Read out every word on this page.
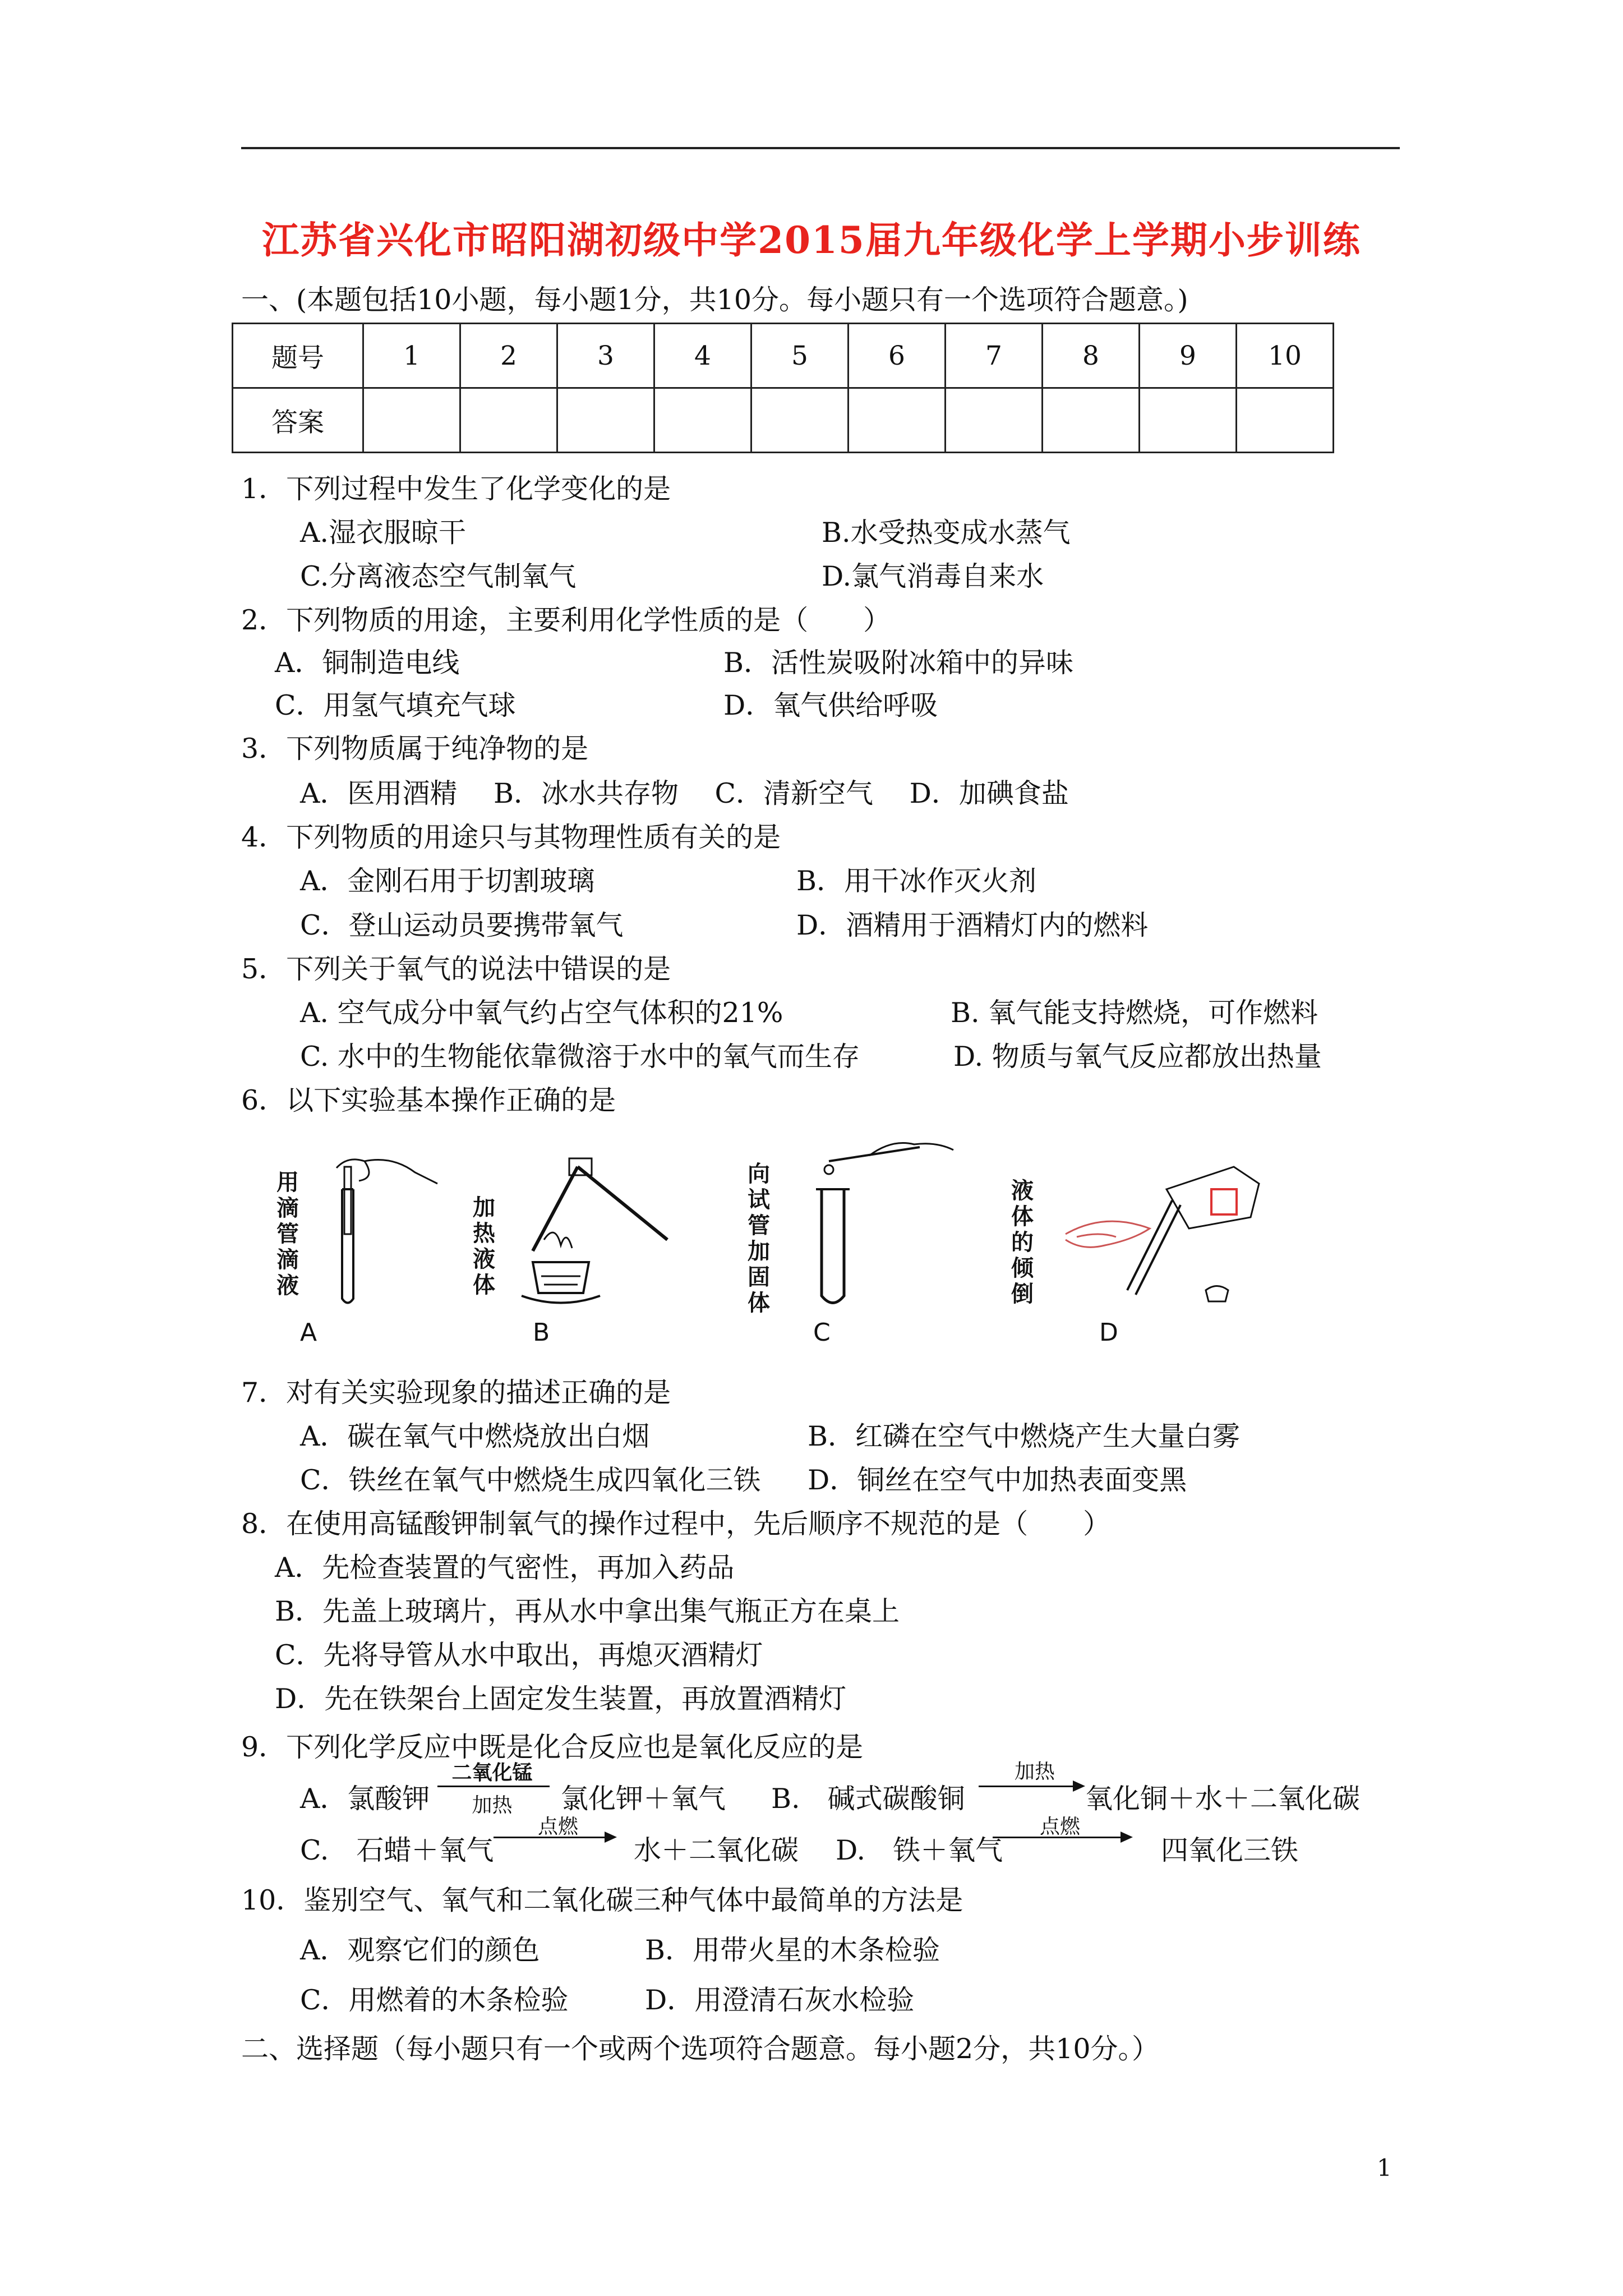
江苏省兴化市昭阳湖初级中学2015届九年级化学上学期小步训练
一、(本题包括10小题，每小题1分，共10分。每小题只有一个选项符合题意。)
题号	1	2	3	4	5	6	7	8	9	10
答案										
1．下列过程中发生了化学变化的是
A.湿衣服晾干	B.水受热变成水蒸气
C.分离液态空气制氧气	D.氯气消毒自来水
2．下列物质的用途，主要利用化学性质的是（　　）
A．铜制造电线	B．活性炭吸附冰箱中的异味
C．用氢气填充气球	D．氧气供给呼吸
3．下列物质属于纯净物的是
A．医用酒精　 B．冰水共存物　 C．清新空气　 D．加碘食盐
4．下列物质的用途只与其物理性质有关的是
A．金刚石用于切割玻璃	B．用干冰作灭火剂
C．登山运动员要携带氧气	D．酒精用于酒精灯内的燃料
5．下列关于氧气的说法中错误的是
A. 空气成分中氧气约占空气体积的21%	B. 氧气能支持燃烧，可作燃料
C. 水中的生物能依靠微溶于水中的氧气而生存	D. 物质与氧气反应都放出热量
6．以下实验基本操作正确的是
用
滴
管
滴
液
A
加
热
液
体
B
向
试
管
加
固
体
C
液
体
的
倾
倒
D
7．对有关实验现象的描述正确的是
A．碳在氧气中燃烧放出白烟	B．红磷在空气中燃烧产生大量白雾
C．铁丝在氧气中燃烧生成四氧化三铁 D．铜丝在空气中加热表面变黑
8．在使用高锰酸钾制氧气的操作过程中，先后顺序不规范的是（　　）
A．先检查装置的气密性，再加入药品
B．先盖上玻璃片，再从水中拿出集气瓶正方在桌上
C．先将导管从水中取出，再熄灭酒精灯
D．先在铁架台上固定发生装置，再放置酒精灯
9．下列化学反应中既是化合反应也是氧化反应的是
A．氯酸钾
二氧化锰
加热	氯化钾＋氧气 B.　碱式碳酸铜
加热
氧化铜＋水＋二氧化碳
C.　石蜡＋氧气
点燃
水＋二氧化碳 D.　铁＋氧气
点燃
四氧化三铁
10．鉴别空气、氧气和二氧化碳三种气体中最简单的方法是
A．观察它们的颜色	B．用带火星的木条检验
C．用燃着的木条检验	D．用澄清石灰水检验
二、选择题（每小题只有一个或两个选项符合题意。每小题2分，共10分。）
1
